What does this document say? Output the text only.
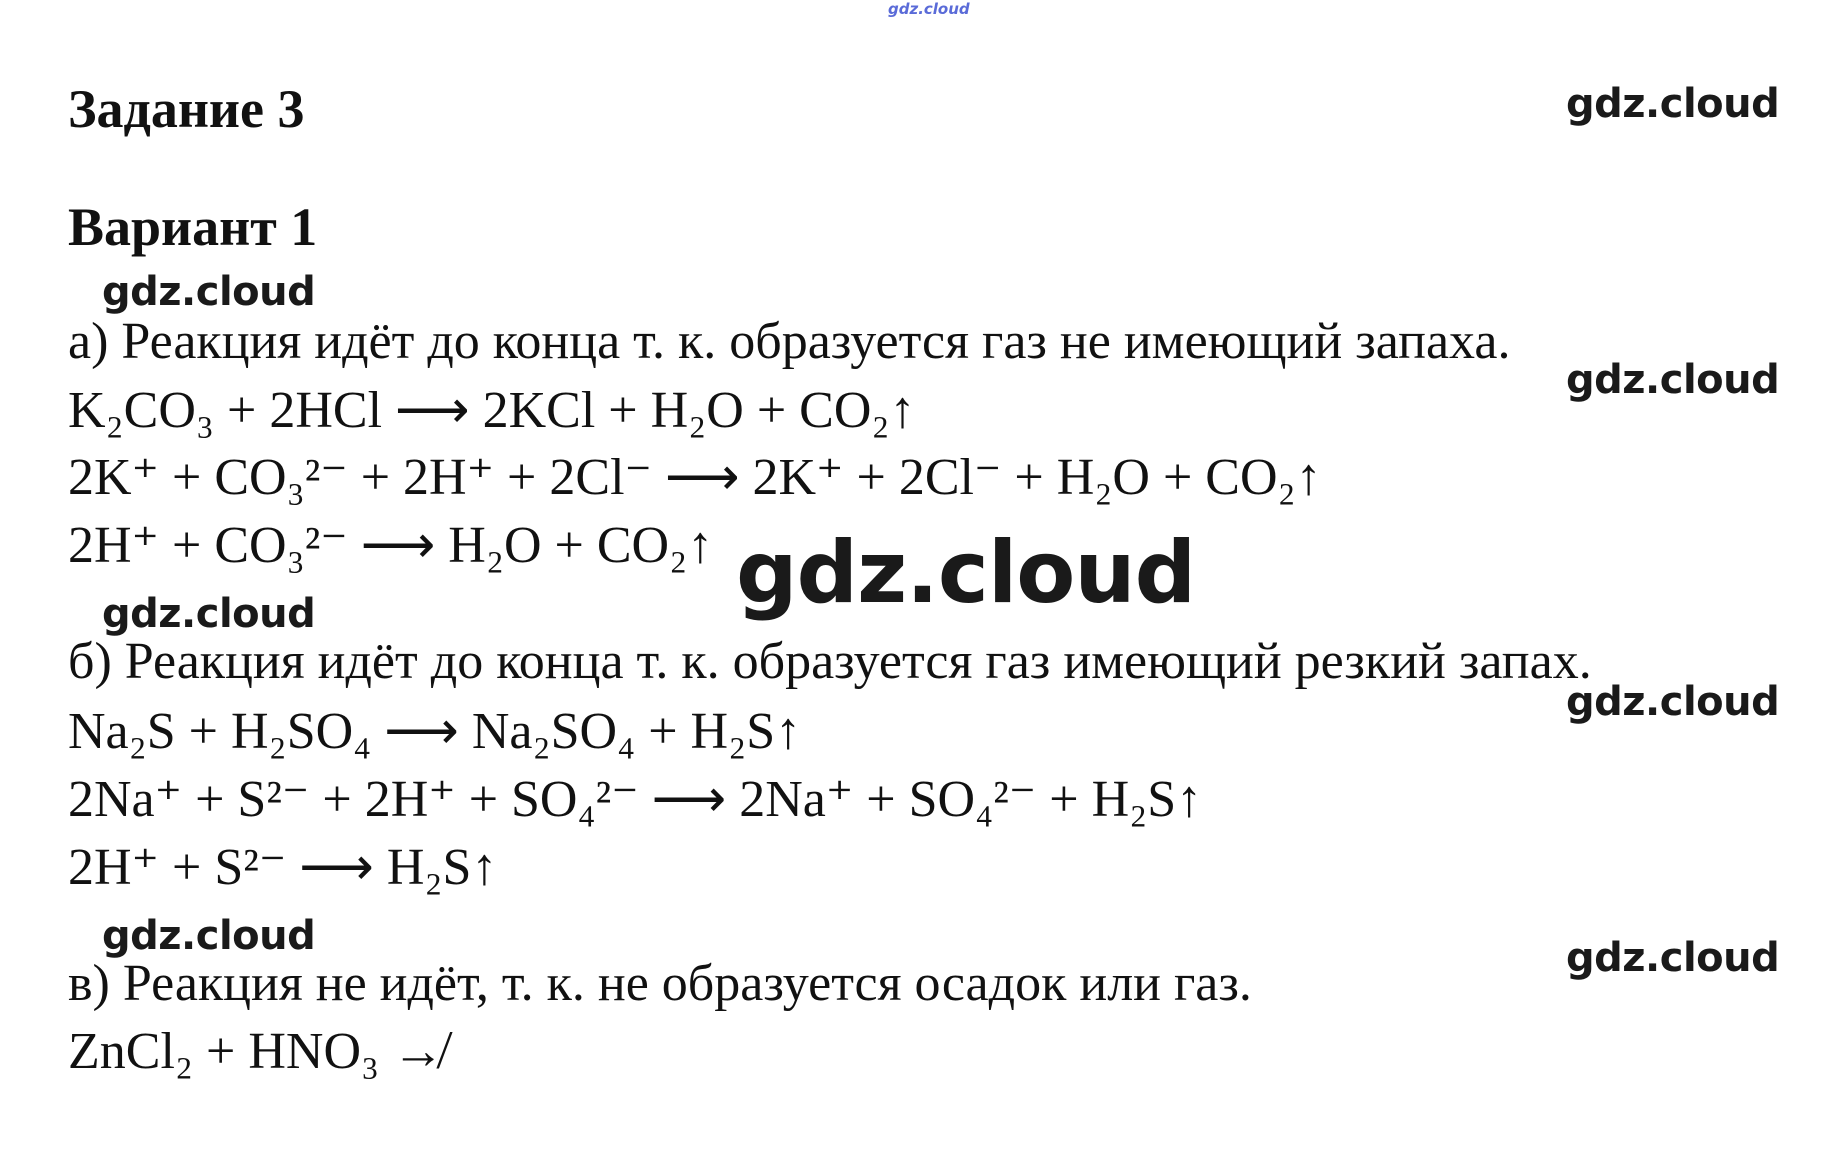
gdz.cloud
Задание 3	gdz.cloud
Вариант 1
gdz.cloud

а) Реакция идёт до конца т. к. образуется газ не имеющий запаха.

gdz.cloud

K₂CO₃ + 2HCl ⟶ 2KCl + H₂O + CO₂↑

2K⁺ + CO₃²⁻ + 2H⁺ + 2Cl⁻ ⟶ 2K⁺ + 2Cl⁻ + H₂O + CO₂↑

2H⁺ + CO₃²⁻ ⟶ H₂O + CO₂↑ gdz.cloud
gdz.cloud

б) Реакция идёт до конца т. к. образуется газ имеющий резкий запах.

gdz.cloud

Na₂S + H₂SO₄ ⟶ Na₂SO₄ + H₂S↑

2Na⁺ + S²⁻ + 2H⁺ + SO₄²⁻ ⟶ 2Na⁺ + SO₄²⁻ + H₂S↑

2H⁺ + S²⁻ ⟶ H₂S↑

gdz.cloud	gdz.cloud

в) Реакция не идёт, т. к. не образуется осадок или газ.

ZnCl₂ + HNO₃ ↛
